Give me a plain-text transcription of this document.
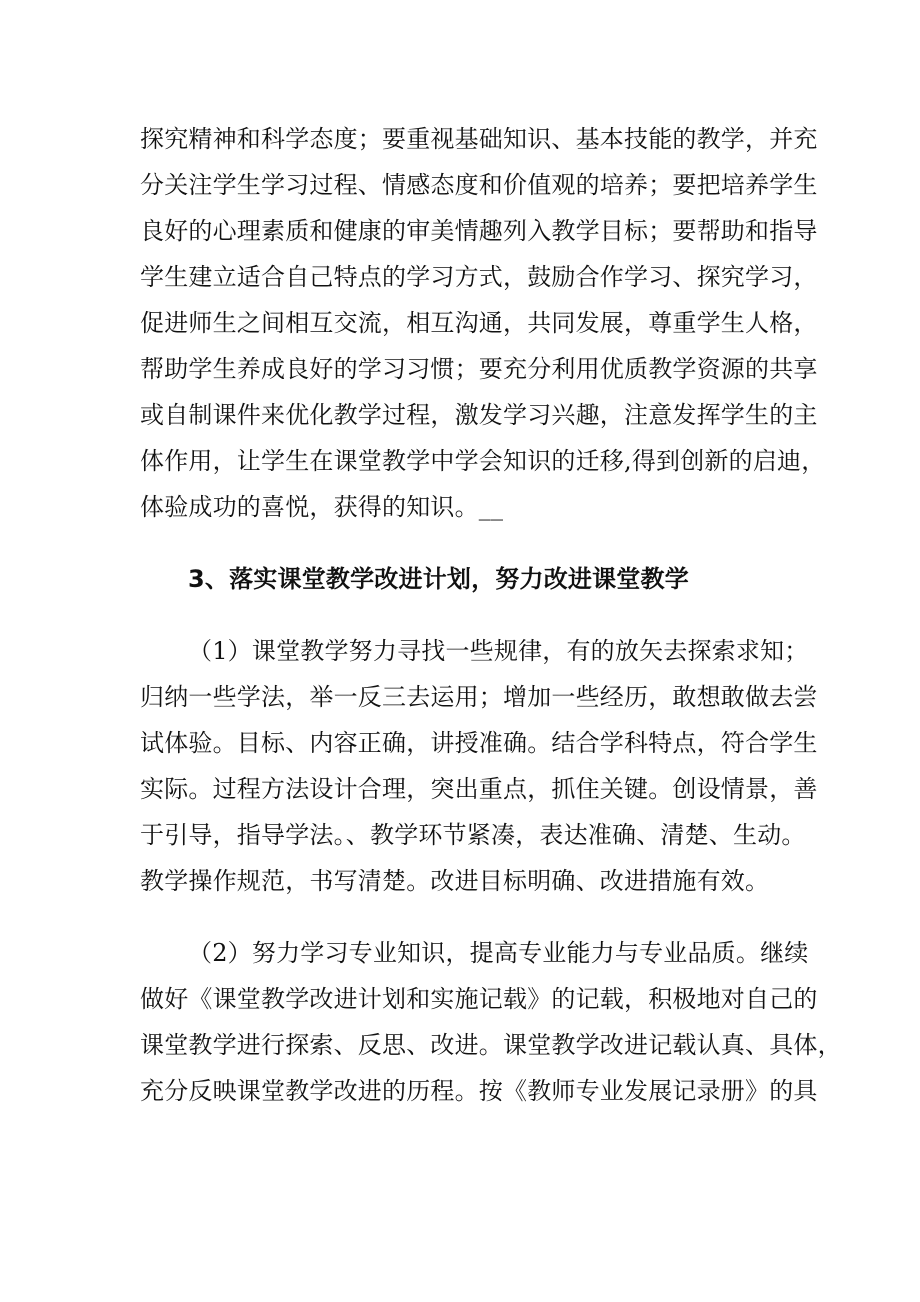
探究精神和科学态度；要重视基础知识、基本技能的教学，并充
分关注学生学习过程、情感态度和价值观的培养；要把培养学生
良好的心理素质和健康的审美情趣列入教学目标；要帮助和指导
学生建立适合自己特点的学习方式，鼓励合作学习、探究学习，
促进师生之间相互交流，相互沟通，共同发展，尊重学生人格，
帮助学生养成良好的学习习惯；要充分利用优质教学资源的共享
或自制课件来优化教学过程，激发学习兴趣，注意发挥学生的主
体作用，让学生在课堂教学中学会知识的迁移,得到创新的启迪，
体验成功的喜悦，获得的知识。__
3、落实课堂教学改进计划，努力改进课堂教学
（1）课堂教学努力寻找一些规律，有的放矢去探索求知；
归纳一些学法，举一反三去运用；增加一些经历，敢想敢做去尝
试体验。目标、内容正确，讲授准确。结合学科特点，符合学生
实际。过程方法设计合理，突出重点，抓住关键。创设情景，善
于引导，指导学法。、教学环节紧凑，表达准确、清楚、生动。
教学操作规范，书写清楚。改进目标明确、改进措施有效。
（2）努力学习专业知识，提高专业能力与专业品质。继续
做好《课堂教学改进计划和实施记载》的记载，积极地对自己的
课堂教学进行探索、反思、改进。课堂教学改进记载认真、具体，
充分反映课堂教学改进的历程。按《教师专业发展记录册》的具
